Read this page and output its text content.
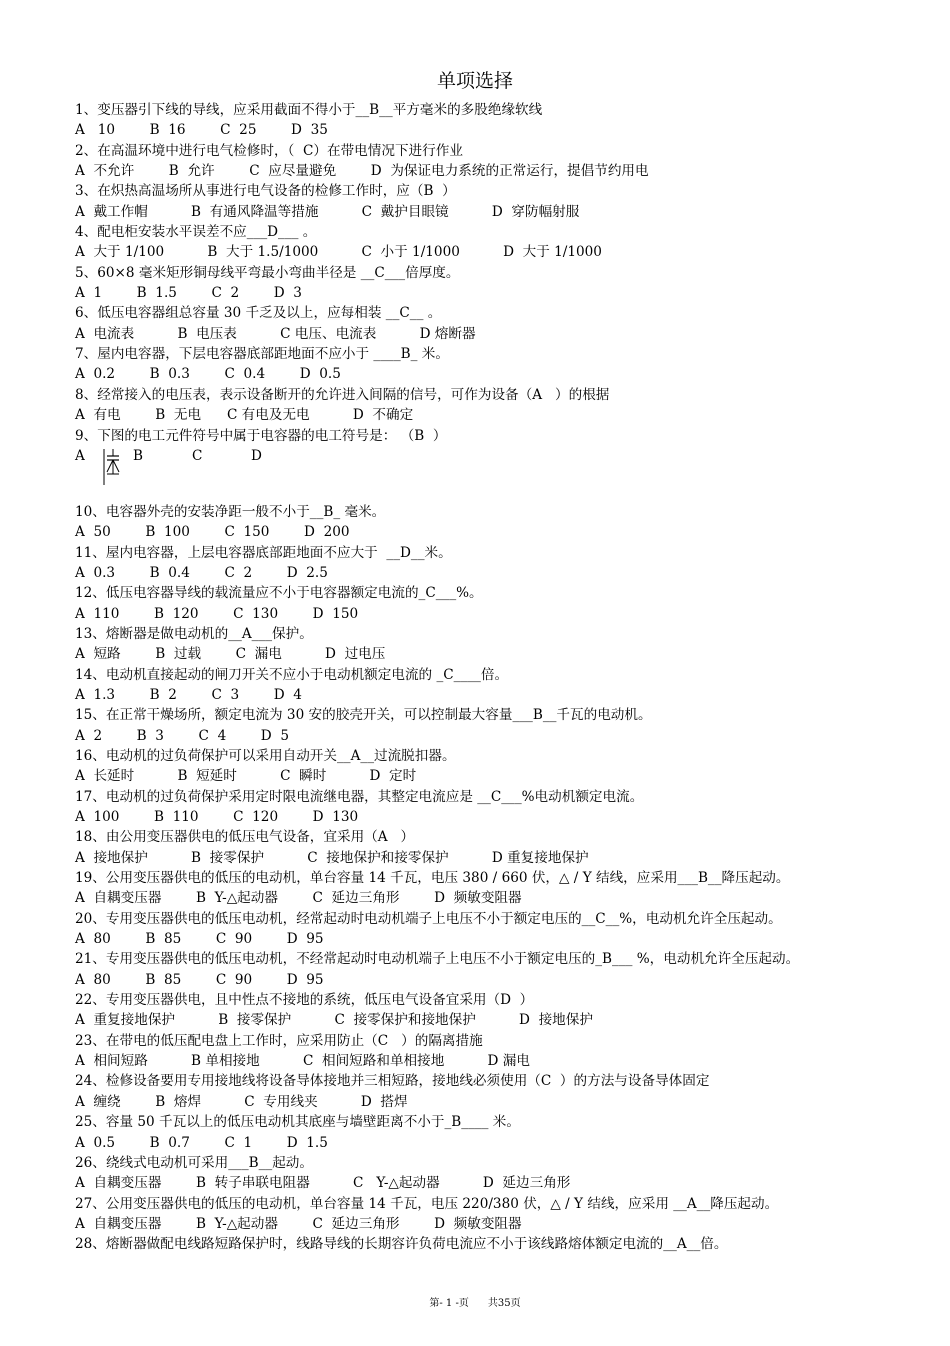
单项选择
1、变压器引下线的导线，应采用截面不得小于__B__平方毫米的多股绝缘软线
A   10        B  16        C  25        D  35
2、在高温环境中进行电气检修时，（  C）在带电情况下进行作业
A  不允许        B  允许        C  应尽量避免        D  为保证电力系统的正常运行，提倡节约用电
3、在炽热高温场所从事进行电气设备的检修工作时，应（B  ）
A  戴工作帽          B  有通风降温等措施          C  戴护目眼镜          D  穿防幅射服
4、配电柜安装水平误差不应___D___ 。
A  大于 1/100          B  大于 1.5/1000          C  小于 1/1000          D  大于 1/1000
5、60×8 毫米矩形铜母线平弯最小弯曲半径是 __C___倍厚度。
A  1        B  1.5        C  2        D  3
6、低压电容器组总容量 30 千乏及以上，应每相装 __C__ 。
A  电流表          B  电压表          C 电压、电流表          D 熔断器
7、屋内电容器，下层电容器底部距地面不应小于 ____B_ 米。
A  0.2        B  0.3        C  0.4        D  0.5
8、经常接入的电压表，表示设备断开的允许进入间隔的信号，可作为设备（A   ）的根据
A  有电        B  无电      C 有电及无电          D  不确定
9、下图的电工元件符号中属于电容器的电工符号是： （B  ）
A	B	C	D
10、电容器外壳的安装净距一般不小于__B_ 毫米。
A  50        B  100        C  150        D  200
11、屋内电容器，上层电容器底部距地面不应大于  __D__米。
A  0.3        B  0.4        C  2        D  2.5
12、低压电容器导线的载流量应不小于电容器额定电流的_C___%。
A  110        B  120        C  130        D  150
13、熔断器是做电动机的__A___保护。
A  短路        B  过载        C  漏电          D  过电压
14、电动机直接起动的闸刀开关不应小于电动机额定电流的 _C____倍。
A  1.3        B  2        C  3        D  4
15、在正常干燥场所，额定电流为 30 安的胶壳开关，可以控制最大容量___B__千瓦的电动机。
A  2        B  3        C  4        D  5
16、电动机的过负荷保护可以采用自动开关__A__过流脱扣器。
A  长延时          B  短延时          C  瞬时          D  定时
17、电动机的过负荷保护采用定时限电流继电器，其整定电流应是 __C___%电动机额定电流。
A  100        B  110        C  120        D  130
18、由公用变压器供电的低压电气设备，宜采用（A   ）
A  接地保护          B  接零保护          C  接地保护和接零保护          D 重复接地保护
19、公用变压器供电的低压的电动机，单台容量 14 千瓦，电压 380 / 660 伏，△ / Y 结线，应采用___B__降压起动。
A  自耦变压器        B  Y-△起动器        C  延边三角形        D  频敏变阻器
20、专用变压器供电的低压电动机，经常起动时电动机端子上电压不小于额定电压的__C__%，电动机允许全压起动。
A  80        B  85        C  90        D  95
21、专用变压器供电的低压电动机，不经常起动时电动机端子上电压不小于额定电压的_B___ %，电动机允许全压起动。
A  80        B  85        C  90        D  95
22、专用变压器供电，且中性点不接地的系统，低压电气设备宜采用（D  ）
A  重复接地保护          B  接零保护          C  接零保护和接地保护          D  接地保护
23、在带电的低压配电盘上工作时，应采用防止（C   ）的隔离措施
A  相间短路          B 单相接地          C  相间短路和单相接地          D 漏电
24、检修设备要用专用接地线将设备导体接地并三相短路，接地线必须使用（C  ）的方法与设备导体固定
A  缠绕        B  熔焊          C  专用线夹          D  搭焊
25、容量 50 千瓦以上的低压电动机其底座与墙壁距离不小于_B____ 米。
A  0.5        B  0.7        C  1        D  1.5
26、绕线式电动机可采用___B__起动。
A  自耦变压器        B  转子串联电阻器          C   Y-△起动器          D  延边三角形
27、公用变压器供电的低压的电动机，单台容量 14 千瓦，电压 220/380 伏，△ / Y 结线，应采用 __A__降压起动。
A  自耦变压器        B  Y-△起动器        C  延边三角形        D  频敏变阻器
28、熔断器做配电线路短路保护时，线路导线的长期容许负荷电流应不小于该线路熔体额定电流的__A__倍。
第- 1 -页      共35页
